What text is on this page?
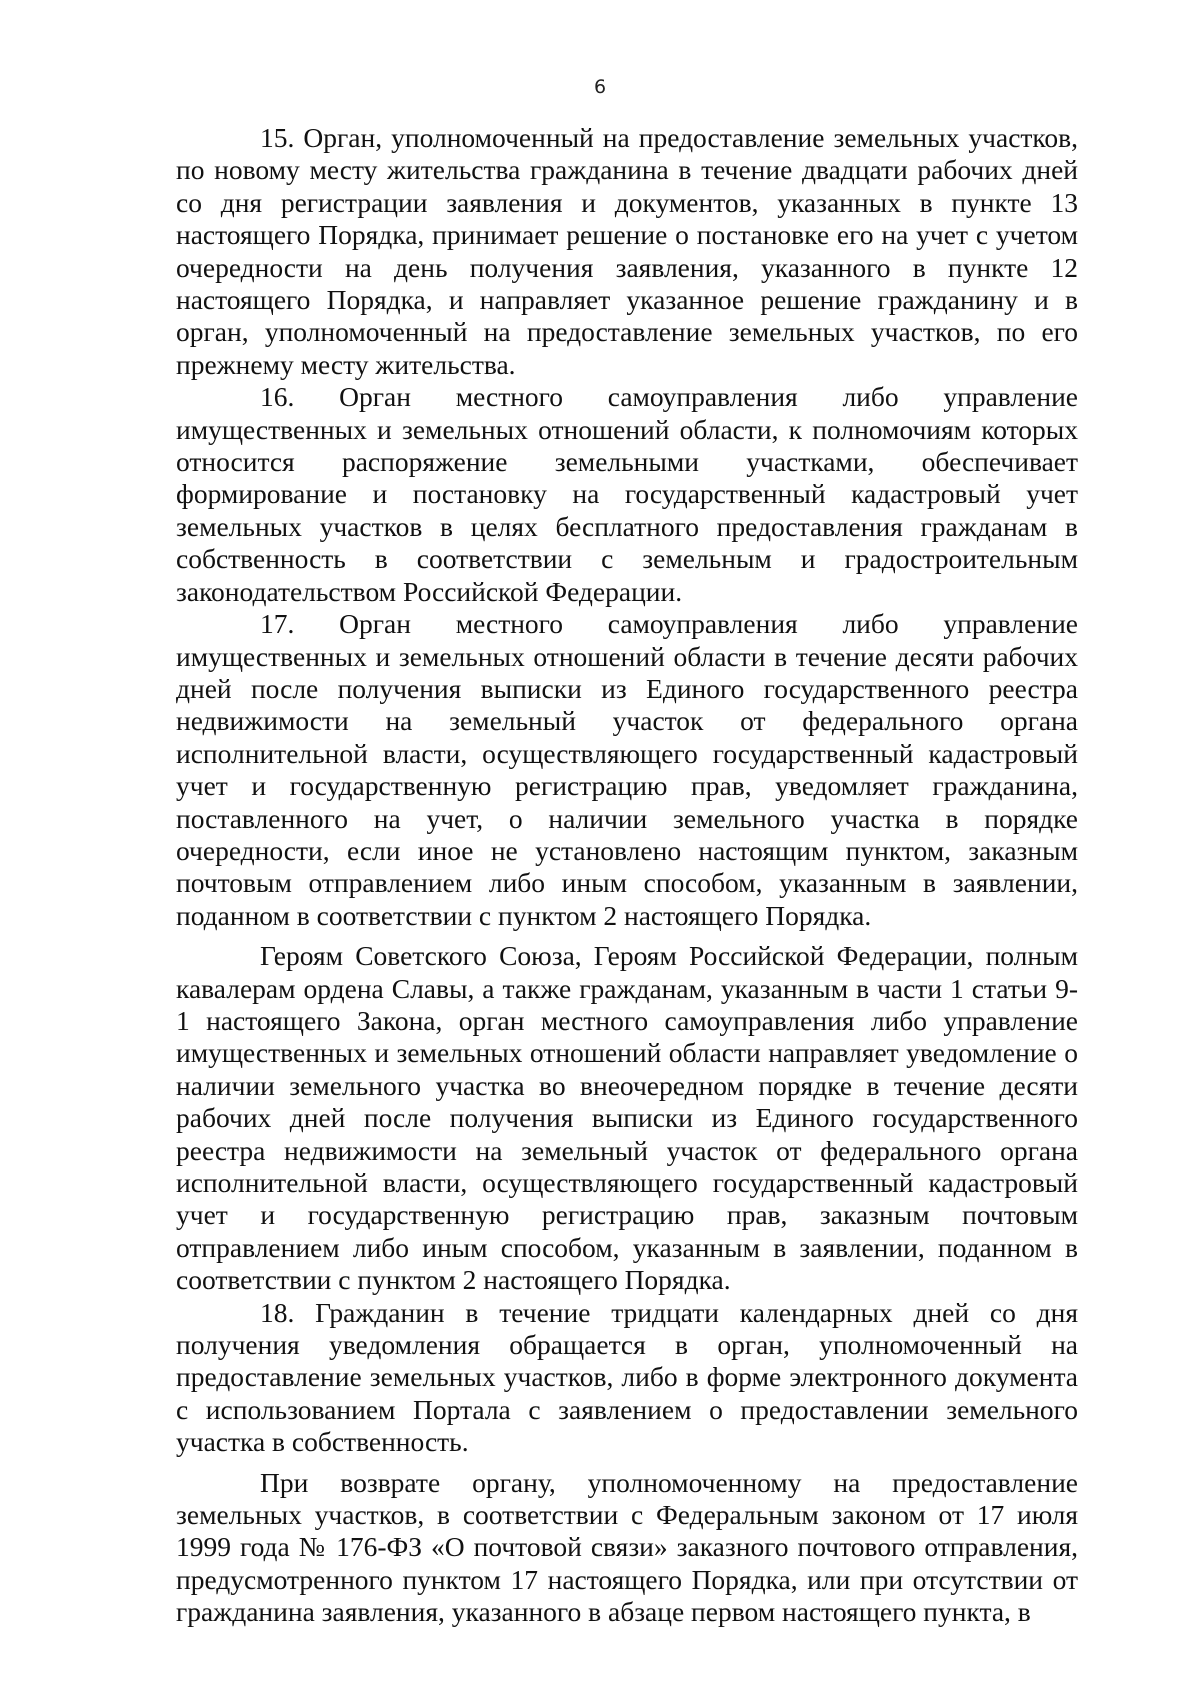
6

15. Орган, уполномоченный на предоставление земельных участков, по новому месту жительства гражданина в течение двадцати рабочих дней со дня регистрации заявления и документов, указанных в пункте 13 настоящего Порядка, принимает решение о постановке его на учет с учетом очередности на день получения заявления, указанного в пункте 12 настоящего Порядка, и направляет указанное решение гражданину и в орган, уполномоченный на предоставление земельных участков, по его прежнему месту жительства.

16. Орган местного самоуправления либо управление имущественных и земельных отношений области, к полномочиям которых относится распоряжение земельными участками, обеспечивает формирование и постановку на государственный кадастровый учет земельных участков в целях бесплатного предоставления гражданам в собственность в соответствии с земельным и градостроительным законодательством Российской Федерации.

17. Орган местного самоуправления либо управление имущественных и земельных отношений области в течение десяти рабочих дней после получения выписки из Единого государственного реестра недвижимости на земельный участок от федерального органа исполнительной власти, осуществляющего государственный кадастровый учет и государственную регистрацию прав, уведомляет гражданина, поставленного на учет, о наличии земельного участка в порядке очередности, если иное не установлено настоящим пунктом, заказным почтовым отправлением либо иным способом, указанным в заявлении, поданном в соответствии с пунктом 2 настоящего Порядка.

Героям Советского Союза, Героям Российской Федерации, полным кавалерам ордена Славы, а также гражданам, указанным в части 1 статьи 9-1 настоящего Закона, орган местного самоуправления либо управление имущественных и земельных отношений области направляет уведомление о наличии земельного участка во внеочередном порядке в течение десяти рабочих дней после получения выписки из Единого государственного реестра недвижимости на земельный участок от федерального органа исполнительной власти, осуществляющего государственный кадастровый учет и государственную регистрацию прав, заказным почтовым отправлением либо иным способом, указанным в заявлении, поданном в соответствии с пунктом 2 настоящего Порядка.

18. Гражданин в течение тридцати календарных дней со дня получения уведомления обращается в орган, уполномоченный на предоставление земельных участков, либо в форме электронного документа с использованием Портала с заявлением о предоставлении земельного участка в собственность.

При возврате органу, уполномоченному на предоставление земельных участков, в соответствии с Федеральным законом от 17 июля 1999 года № 176-ФЗ «О почтовой связи» заказного почтового отправления, предусмотренного пунктом 17 настоящего Порядка, или при отсутствии от гражданина заявления, указанного в абзаце первом настоящего пункта, в
